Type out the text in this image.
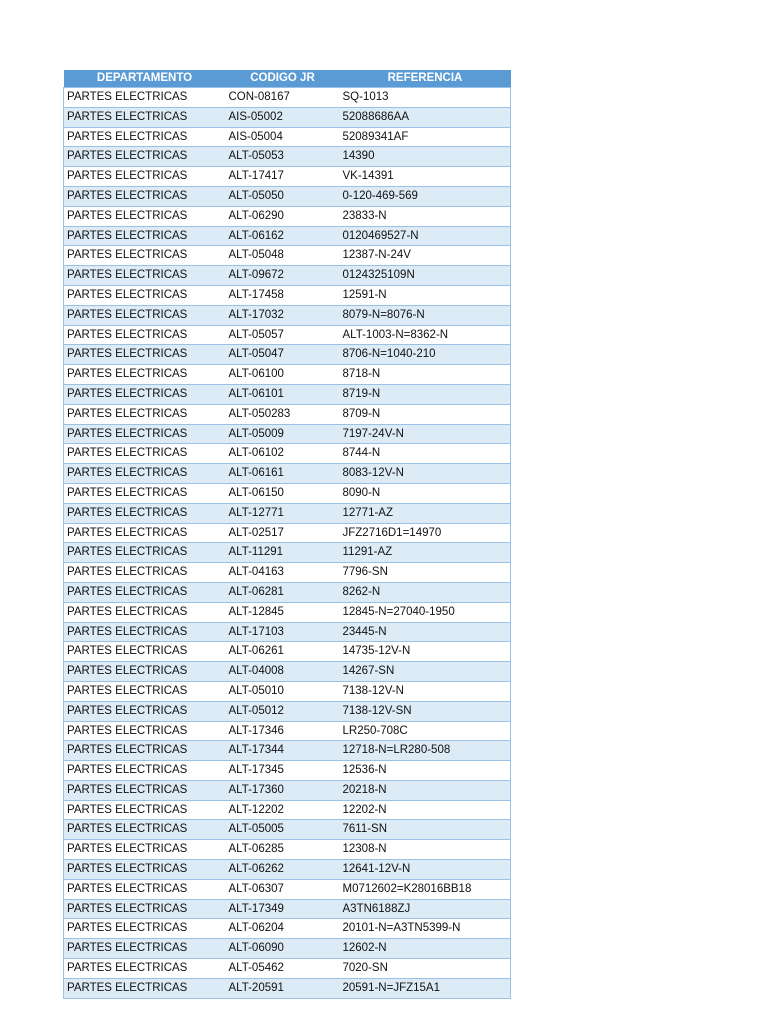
DEPARTAMENTO	CODIGO JR	REFERENCIA
PARTES ELECTRICAS	CON-08167	SQ-1013
PARTES ELECTRICAS	AIS-05002	52088686AA
PARTES ELECTRICAS	AIS-05004	52089341AF
PARTES ELECTRICAS	ALT-05053	14390
PARTES ELECTRICAS	ALT-17417	VK-14391
PARTES ELECTRICAS	ALT-05050	0-120-469-569
PARTES ELECTRICAS	ALT-06290	23833-N
PARTES ELECTRICAS	ALT-06162	0120469527-N
PARTES ELECTRICAS	ALT-05048	12387-N-24V
PARTES ELECTRICAS	ALT-09672	0124325109N
PARTES ELECTRICAS	ALT-17458	12591-N
PARTES ELECTRICAS	ALT-17032	8079-N=8076-N
PARTES ELECTRICAS	ALT-05057	ALT-1003-N=8362-N
PARTES ELECTRICAS	ALT-05047	8706-N=1040-210
PARTES ELECTRICAS	ALT-06100	8718-N
PARTES ELECTRICAS	ALT-06101	8719-N
PARTES ELECTRICAS	ALT-050283	8709-N
PARTES ELECTRICAS	ALT-05009	7197-24V-N
PARTES ELECTRICAS	ALT-06102	8744-N
PARTES ELECTRICAS	ALT-06161	8083-12V-N
PARTES ELECTRICAS	ALT-06150	8090-N
PARTES ELECTRICAS	ALT-12771	12771-AZ
PARTES ELECTRICAS	ALT-02517	JFZ2716D1=14970
PARTES ELECTRICAS	ALT-11291	11291-AZ
PARTES ELECTRICAS	ALT-04163	7796-SN
PARTES ELECTRICAS	ALT-06281	8262-N
PARTES ELECTRICAS	ALT-12845	12845-N=27040-1950
PARTES ELECTRICAS	ALT-17103	23445-N
PARTES ELECTRICAS	ALT-06261	14735-12V-N
PARTES ELECTRICAS	ALT-04008	14267-SN
PARTES ELECTRICAS	ALT-05010	7138-12V-N
PARTES ELECTRICAS	ALT-05012	7138-12V-SN
PARTES ELECTRICAS	ALT-17346	LR250-708C
PARTES ELECTRICAS	ALT-17344	12718-N=LR280-508
PARTES ELECTRICAS	ALT-17345	12536-N
PARTES ELECTRICAS	ALT-17360	20218-N
PARTES ELECTRICAS	ALT-12202	12202-N
PARTES ELECTRICAS	ALT-05005	7611-SN
PARTES ELECTRICAS	ALT-06285	12308-N
PARTES ELECTRICAS	ALT-06262	12641-12V-N
PARTES ELECTRICAS	ALT-06307	M0712602=K28016BB18
PARTES ELECTRICAS	ALT-17349	A3TN6188ZJ
PARTES ELECTRICAS	ALT-06204	20101-N=A3TN5399-N
PARTES ELECTRICAS	ALT-06090	12602-N
PARTES ELECTRICAS	ALT-05462	7020-SN
PARTES ELECTRICAS	ALT-20591	20591-N=JFZ15A1
